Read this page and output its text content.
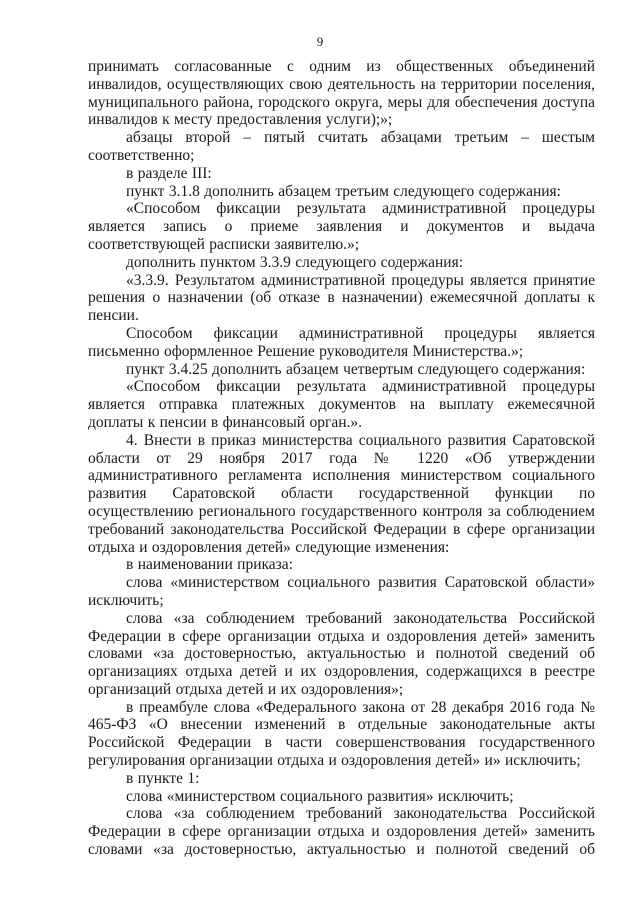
9

принимать согласованные с одним из общественных объединений инвалидов, осуществляющих свою деятельность на территории поселения, муниципального района, городского округа, меры для обеспечения доступа инвалидов к месту предоставления услуги);»;

абзацы второй – пятый считать абзацами третьим – шестым соответственно;

в разделе III:

пункт 3.1.8 дополнить абзацем третьим следующего содержания:

«Способом фиксации результата административной процедуры является запись о приеме заявления и документов и выдача соответствующей расписки заявителю.»;

дополнить пунктом 3.3.9 следующего содержания:

«3.3.9. Результатом административной процедуры является принятие решения о назначении (об отказе в назначении) ежемесячной доплаты к пенсии.

Способом фиксации административной процедуры является письменно оформленное Решение руководителя Министерства.»;

пункт 3.4.25 дополнить абзацем четвертым следующего содержания:

«Способом фиксации результата административной процедуры является отправка платежных документов на выплату ежемесячной доплаты к пенсии в финансовый орган.».

4. Внести в приказ министерства социального развития Саратовской области от 29 ноября 2017 года № 1220 «Об утверждении административного регламента исполнения министерством социального развития Саратовской области государственной функции по осуществлению регионального государственного контроля за соблюдением требований законодательства Российской Федерации в сфере организации отдыха и оздоровления детей» следующие изменения:

в наименовании приказа:

слова «министерством социального развития Саратовской области» исключить;

слова «за соблюдением требований законодательства Российской Федерации в сфере организации отдыха и оздоровления детей» заменить словами «за достоверностью, актуальностью и полнотой сведений об организациях отдыха детей и их оздоровления, содержащихся в реестре организаций отдыха детей и их оздоровления»;

в преамбуле слова «Федерального закона от 28 декабря 2016 года № 465-ФЗ «О внесении изменений в отдельные законодательные акты Российской Федерации в части совершенствования государственного регулирования организации отдыха и оздоровления детей» и» исключить;

в пункте 1:

слова «министерством социального развития» исключить;

слова «за соблюдением требований законодательства Российской Федерации в сфере организации отдыха и оздоровления детей» заменить словами «за достоверностью, актуальностью и полнотой сведений об
